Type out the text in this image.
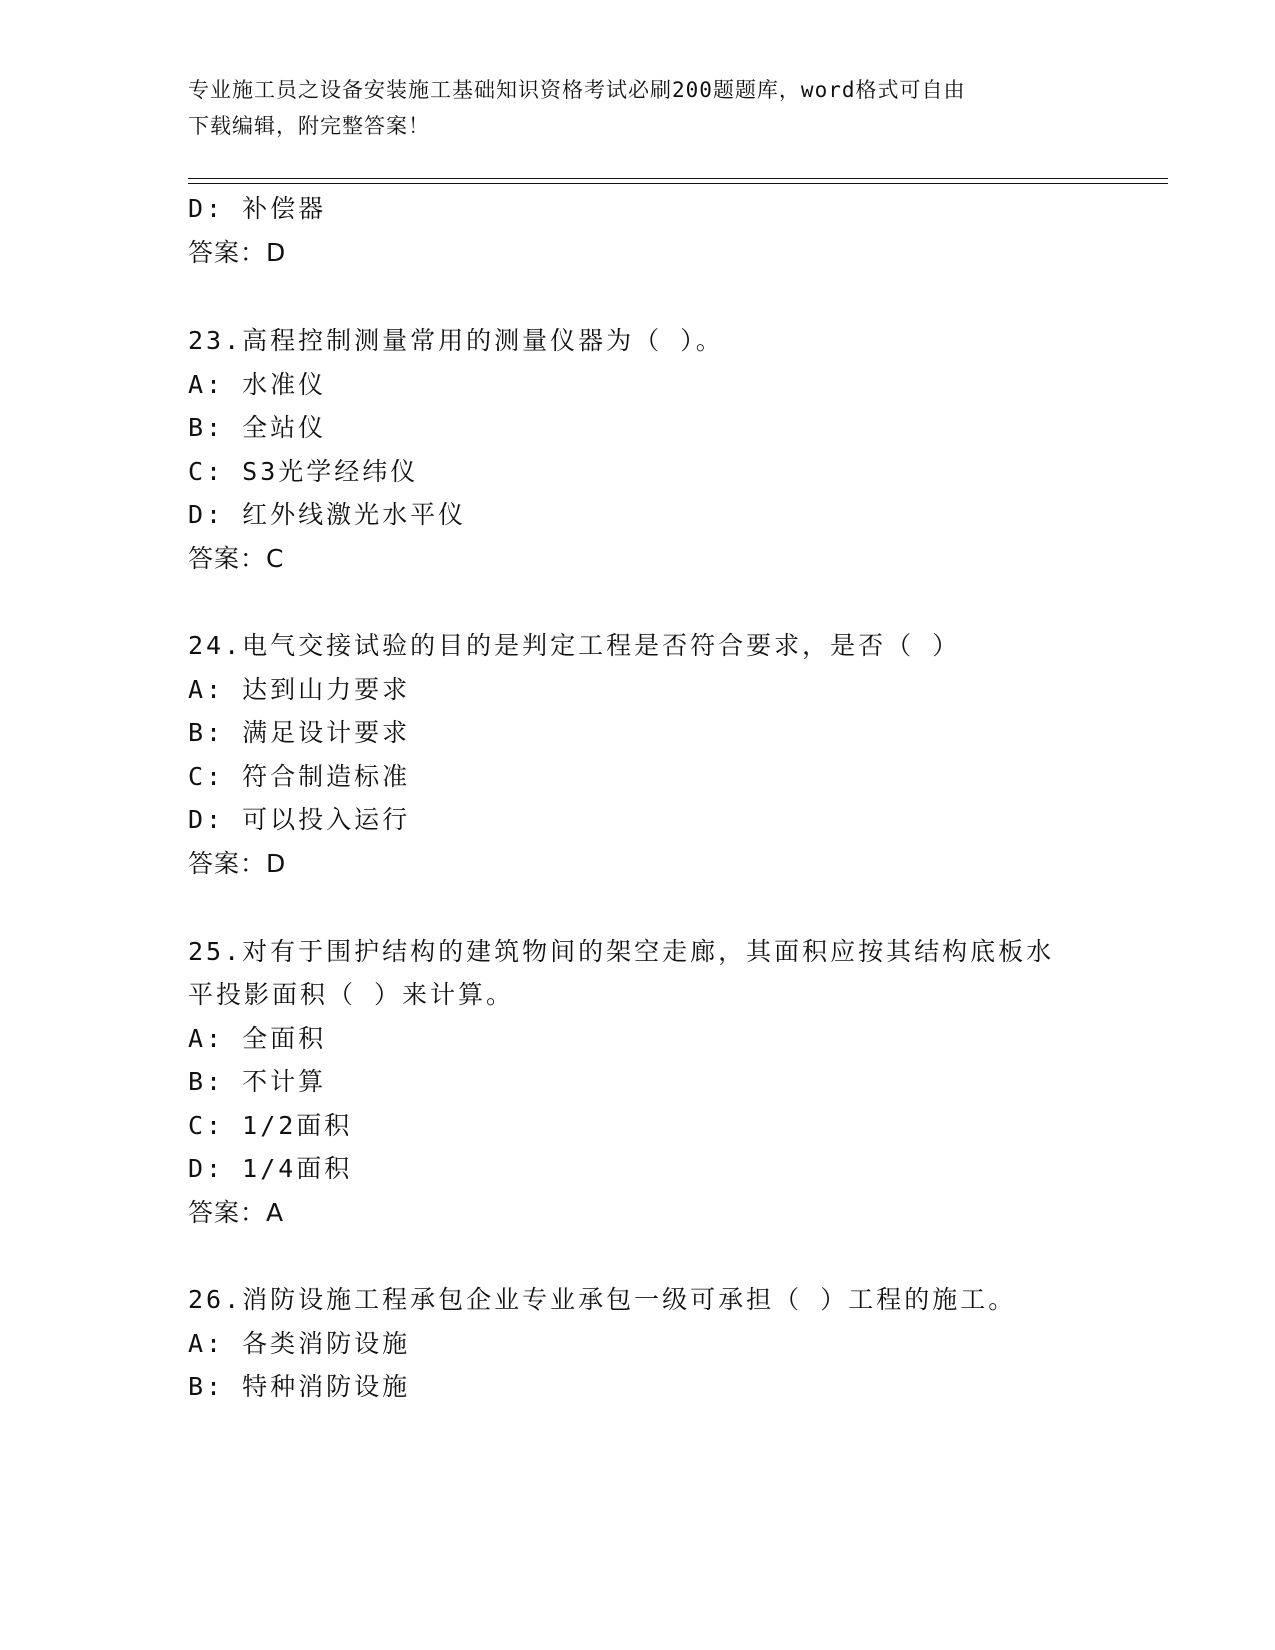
专业施工员之设备安装施工基础知识资格考试必刷200题题库，word格式可自由
下载编辑，附完整答案！
D: 补偿器
答案：D
23.高程控制测量常用的测量仪器为（ ）。
A: 水准仪
B: 全站仪
C: S3光学经纬仪
D: 红外线激光水平仪
答案：C
24.电气交接试验的目的是判定工程是否符合要求，是否（ ）
A: 达到山力要求
B: 满足设计要求
C: 符合制造标准
D: 可以投入运行
答案：D
25.对有于围护结构的建筑物间的架空走廊，其面积应按其结构底板水
平投影面积（ ）来计算。
A: 全面积
B: 不计算
C: 1/2面积
D: 1/4面积
答案：A
26.消防设施工程承包企业专业承包一级可承担（ ）工程的施工。
A: 各类消防设施
B: 特种消防设施
